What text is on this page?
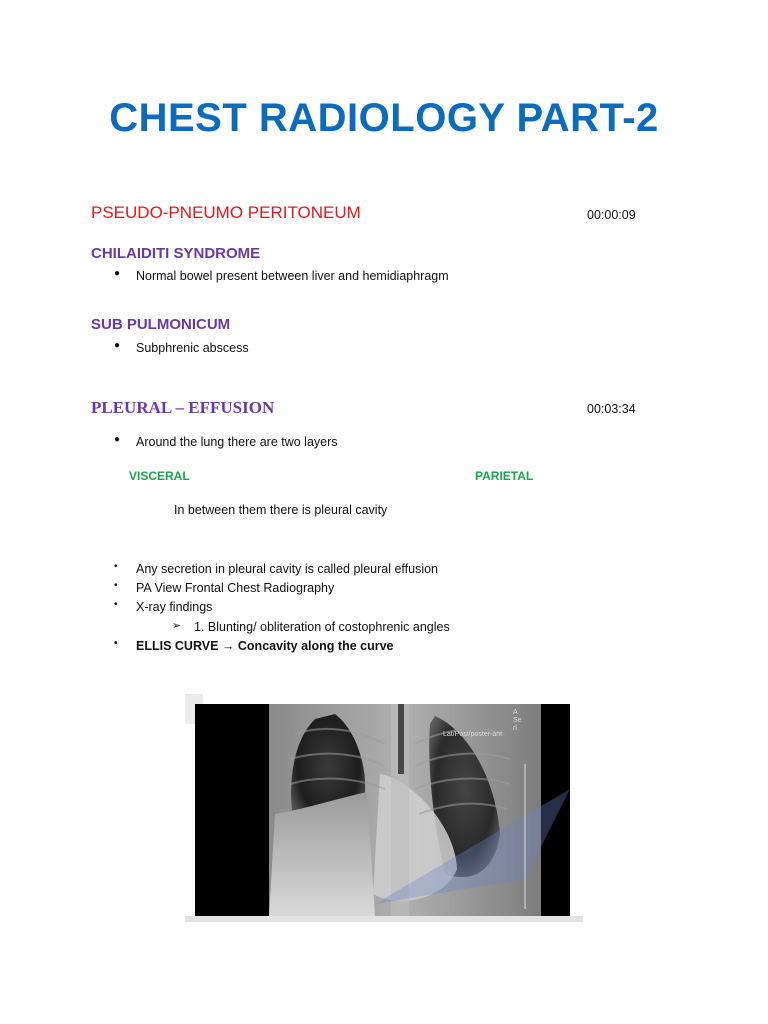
CHEST RADIOLOGY PART-2
PSEUDO-PNEUMO PERITONEUM	00:00:09
CHILAIDITI SYNDROME
● Normal bowel present between liver and hemidiaphragm
SUB PULMONICUM
● Subphrenic abscess
PLEURAL – EFFUSION	00:03:34
● Around the lung there are two layers
VISCERAL	PARIETAL
In between them there is pleural cavity
• Any secretion in pleural cavity is called pleural effusion
• PA View Frontal Chest Radiography
• X-ray findings
➢ 1. Blunting/ obliteration of costophrenic angles
• ELLIS CURVE → Concavity along the curve
A
Se
rl
Lat/Post/poster-ant
